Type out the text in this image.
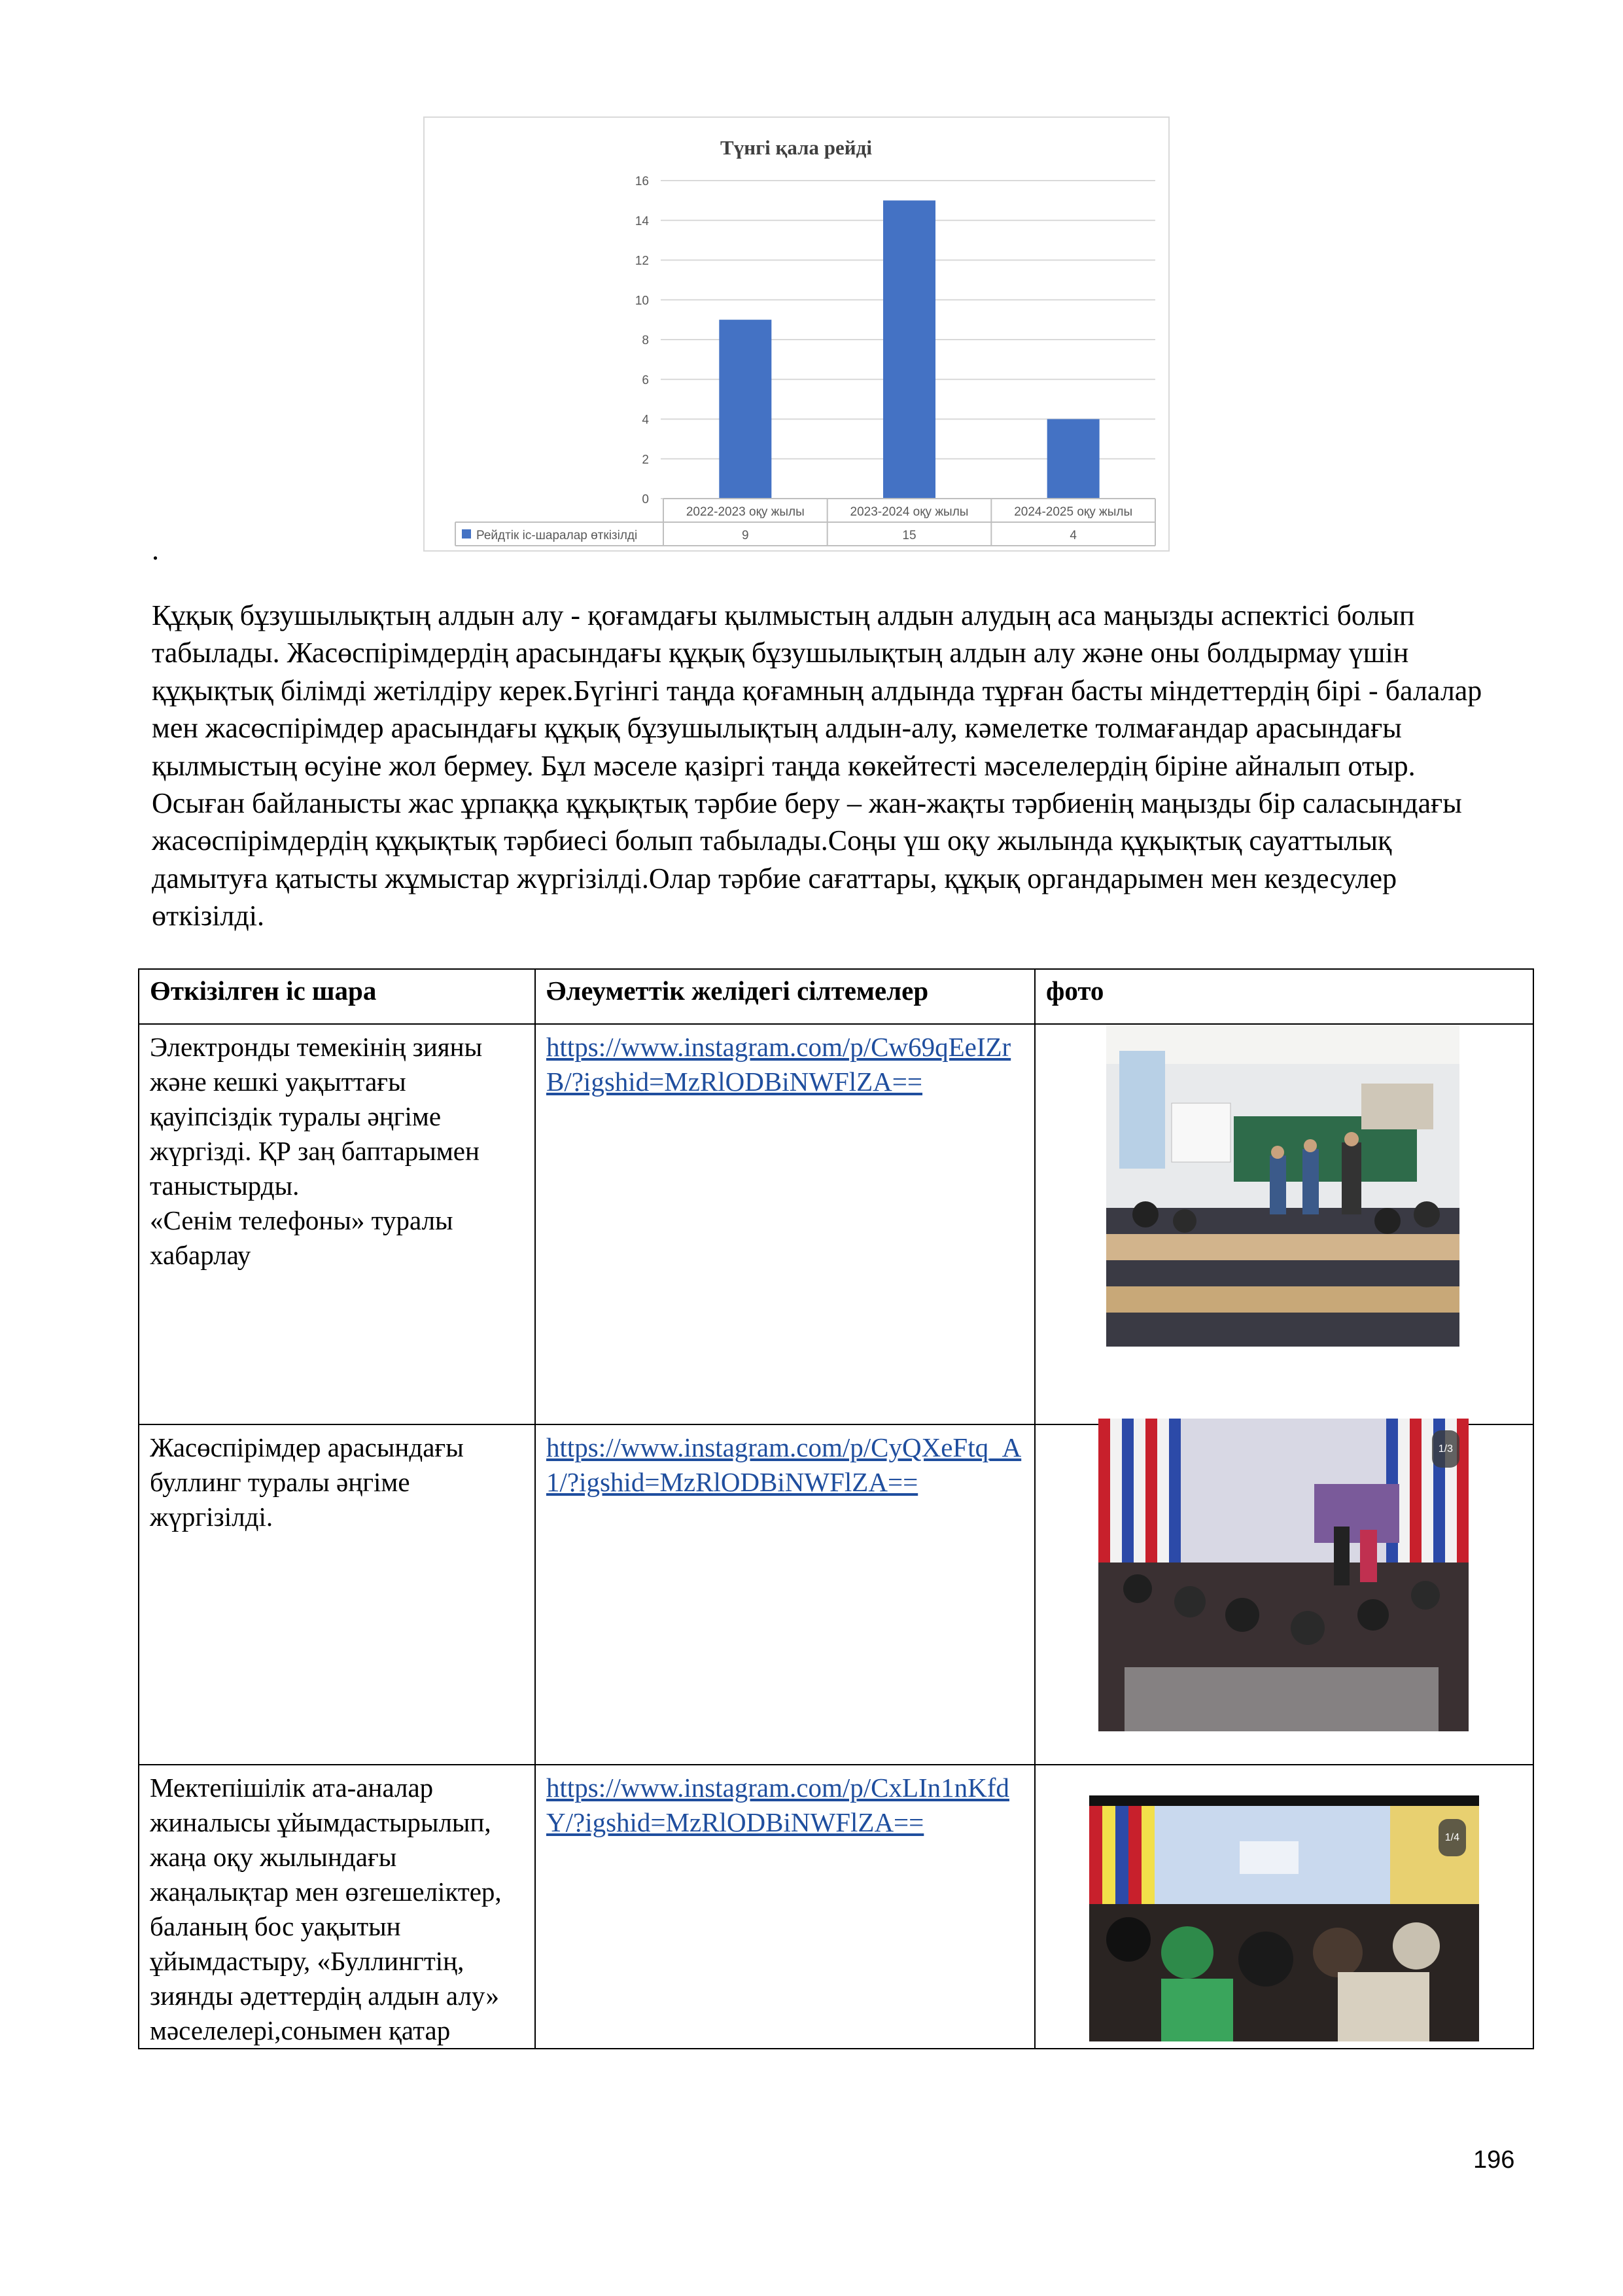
Түнгі қала рейді
0
2
4
6
8
10
12
14
16
2022-2023 оқу жылы	2023-2024 оқу жылы	2024-2025 оқу жылы
9	15	4
Рейдтік іс-шаралар өткізілді
.

Құқық бұзушылықтың алдын алу - қоғамдағы қылмыстың алдын алудың аса маңызды аспектісі болып табылады. Жасөспірімдердің арасындағы құқық бұзушылықтың алдын алу және оны болдырмау үшін құқықтық білімді жетілдіру керек.Бүгінгі таңда қоғамның алдында тұрған басты міндеттердің бірі - балалар мен жасөспірімдер арасындағы құқық бұзушылықтың алдын-алу, кәмелетке толмағандар арасындағы қылмыстың өсуіне жол бермеу. Бұл мәселе қазіргі таңда көкейтесті мәселелердің біріне айналып отыр. Осыған байланысты жас ұрпаққа құқықтық тәрбие беру – жан-жақты тәрбиенің маңызды бір саласындағы жасөспірімдердің құқықтық тәрбиесі болып табылады.Соңы үш оқу жылында құқықтық сауаттылық дамытуға қатысты жұмыстар жүргізілді.Олар тәрбие сағаттары, құқық органдарымен мен кездесулер өткізілді.

Өткізілген іс шара	Әлеуметтік желідегі сілтемелер	фото
Электронды темекінің зияны және кешкі уақыттағы қауіпсіздік туралы әңгіме жүргізді. ҚР заң баптарымен таныстырды.
«Сенім телефоны» туралы хабарлау	https://www.instagram.com/p/Cw69qEeIZrB/?igshid=MzRlODBiNWFlZA==	

Жасөспірімдер арасындағы буллинг туралы әңгіме жүргізілді.	https://www.instagram.com/p/CyQXeFtq_A1/?igshid=MzRlODBiNWFlZA==	1/3

Мектепішілік ата-аналар жиналысы ұйымдастырылып, жаңа оқу жылындағы жаңалықтар мен өзгешеліктер, баланың бос уақытын ұйымдастыру, «Буллингтің, зиянды әдеттердің алдын алу» мәселелері,сонымен қатар	https://www.instagram.com/p/CxLIn1nKfdY/?igshid=MzRlODBiNWFlZA==	1/4
196
